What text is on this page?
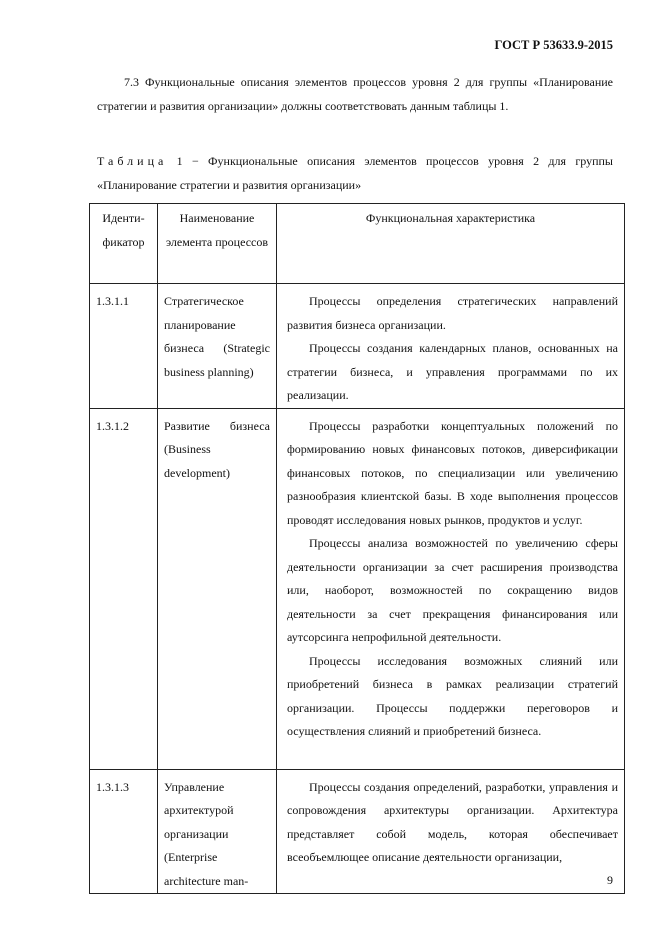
ГОСТ Р 53633.9-2015
7.3 Функциональные описания элементов процессов уровня 2 для группы «Планирование стратегии и развития организации» должны соответствовать данным таблицы 1.
Таблица 1 − Функциональные описания элементов процессов уровня 2 для группы «Планирование стратегии и развития организации»
Иденти-фикатор	Наименование элемента процессов	Функциональная характеристика

1.3.1.1	Стратегическое планирование бизнеса (Strategic business planning)	Процессы определения стратегических направлений развития бизнеса организации.

Процессы создания календарных планов, основанных на стратегии бизнеса, и управления программами по их реализации.

1.3.1.2	Развитие бизнеса (Business development)	Процессы разработки концептуальных положений по формированию новых финансовых потоков, диверсификации финансовых потоков, по специализации или увеличению разнообразия клиентской базы. В ходе выполнения процессов проводят исследования новых рынков, продуктов и услуг.

Процессы анализа возможностей по увеличению сферы деятельности организации за счет расширения производства или, наоборот, возможностей по сокращению видов деятельности за счет прекращения финансирования или аутсорсинга непрофильной деятельности.

Процессы исследования возможных слияний или приобретений бизнеса в рамках реализации стратегий организации. Процессы поддержки переговоров и осуществления слияний и приобретений бизнеса.

1.3.1.3	Управление архитектурой организации (Enterprise architecture man-	Процессы создания определений, разработки, управления и сопровождения архитектуры организации. Архитектура представляет собой модель, которая обеспечивает всеобъемлющее описание деятельности организации,

9
